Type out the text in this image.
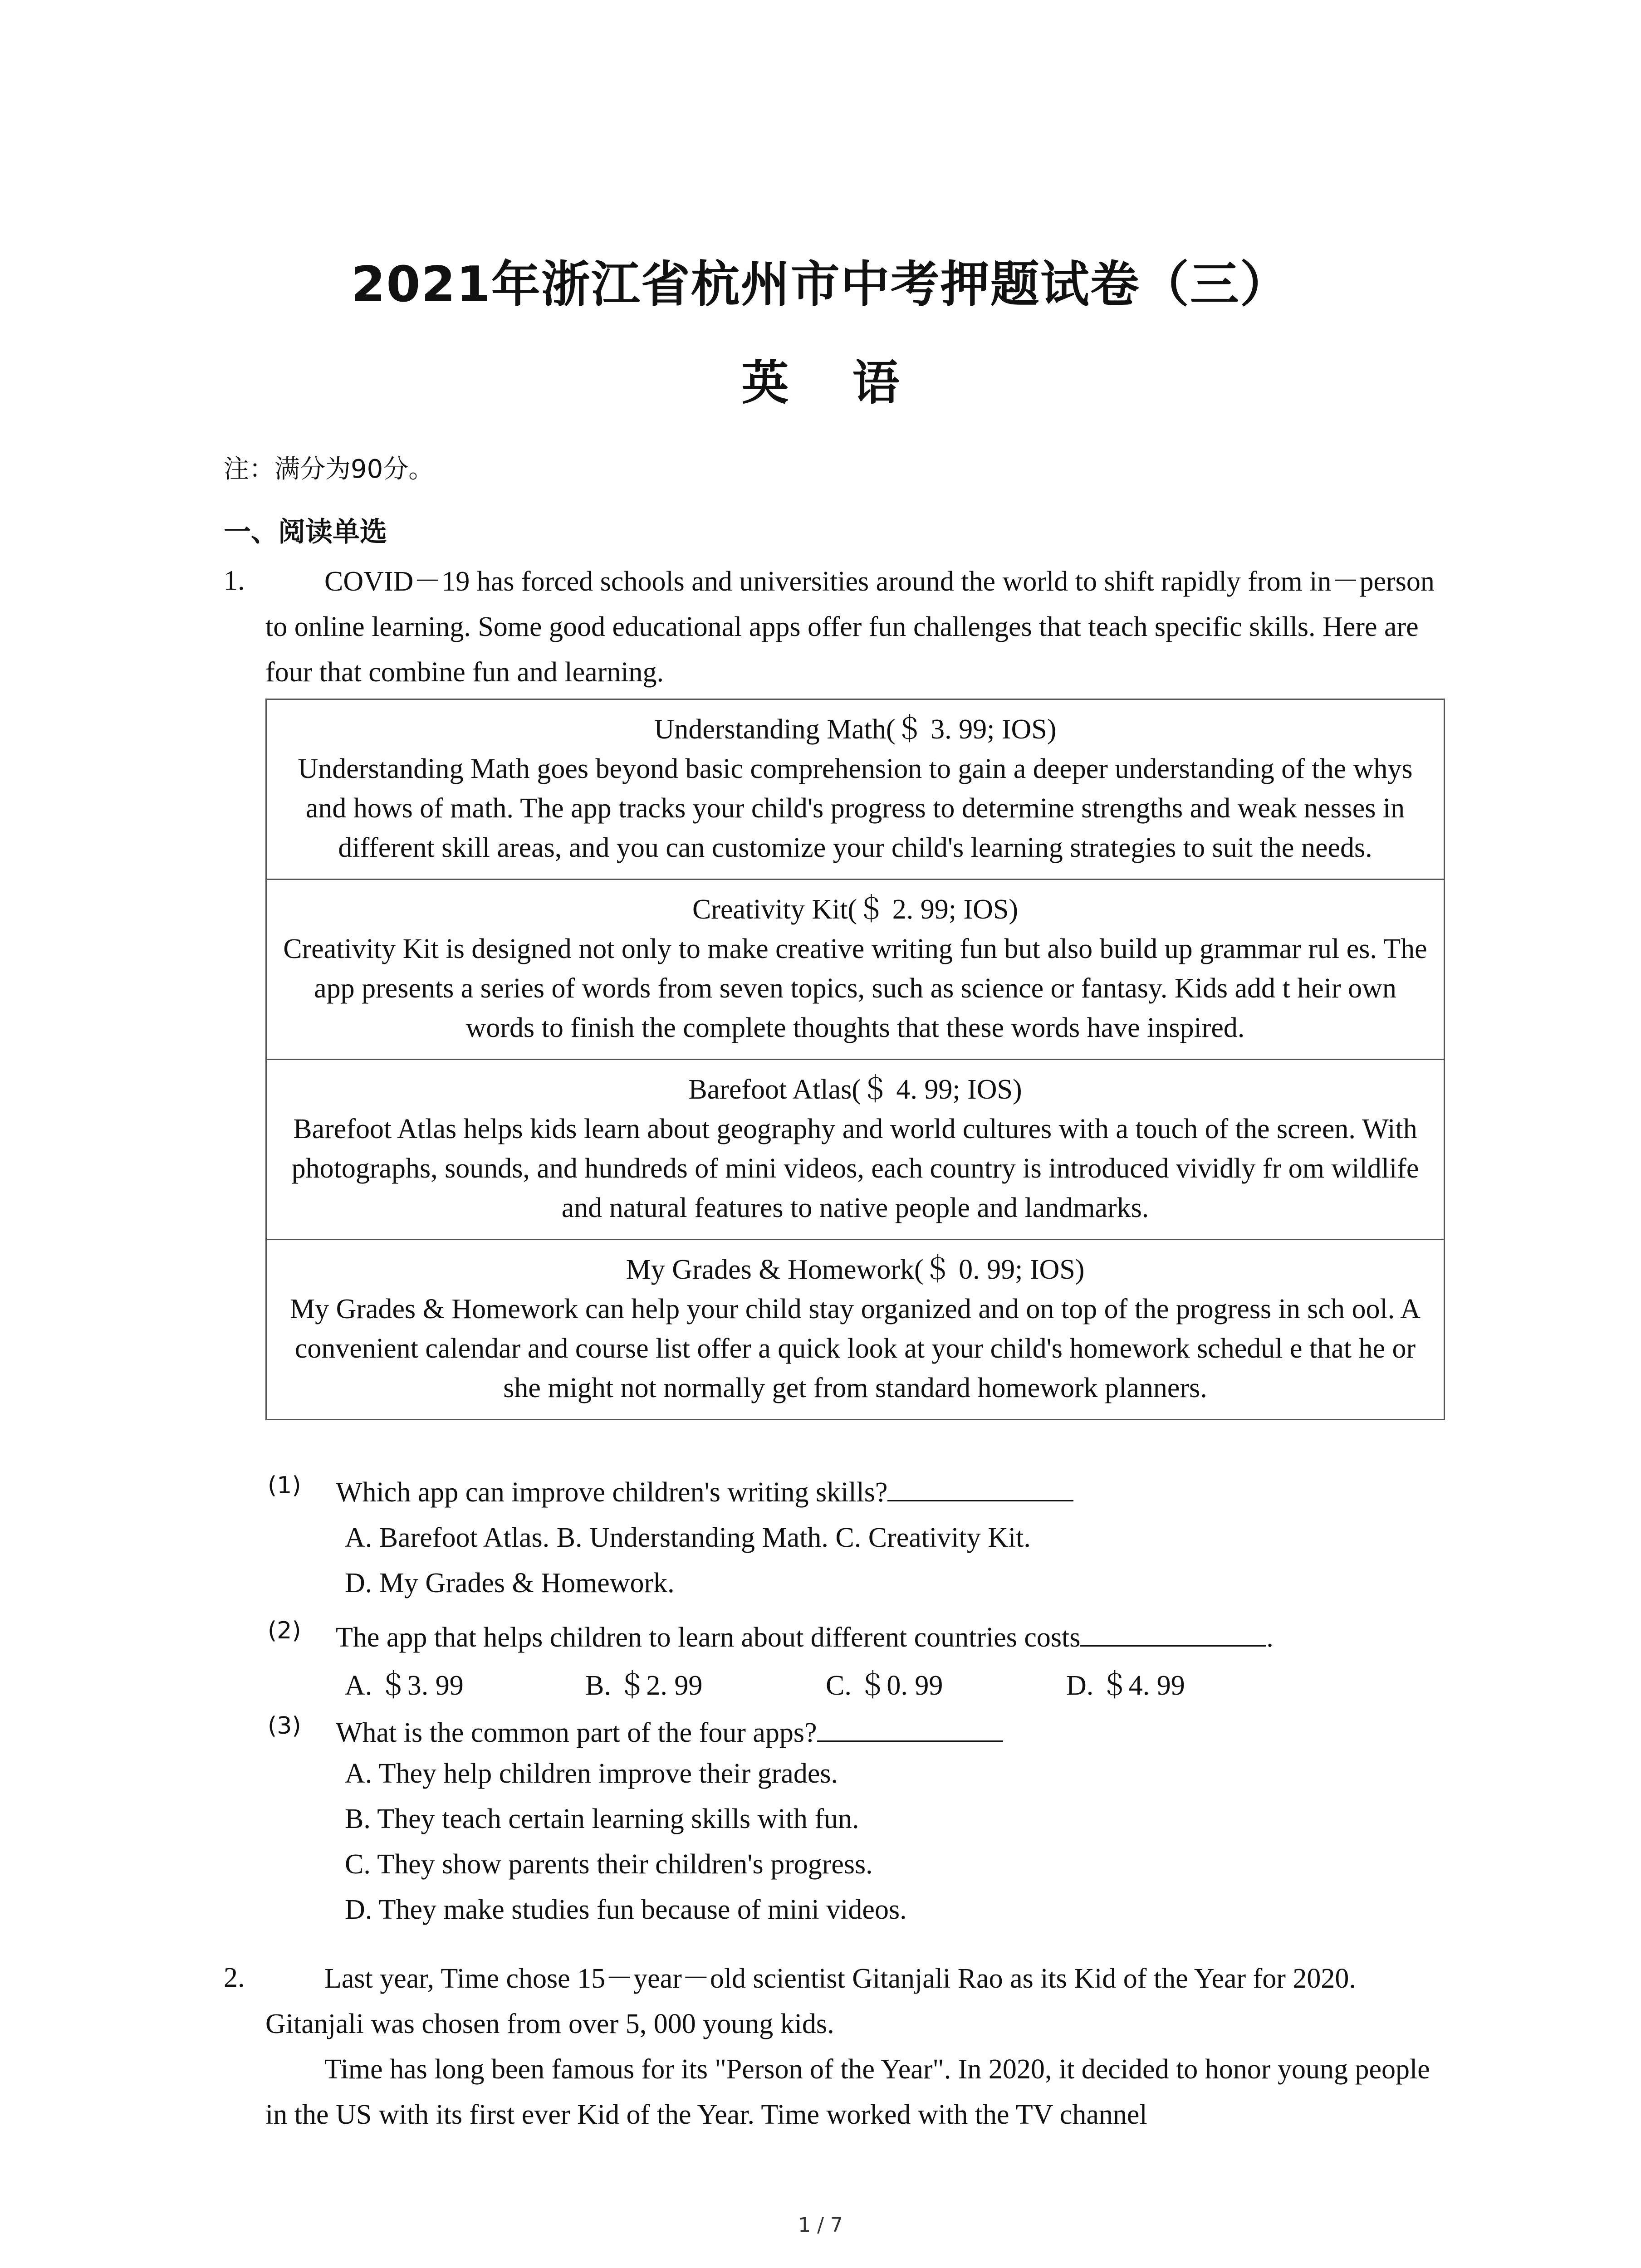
2021年浙江省杭州市中考押题试卷（三）
英 语
注：满分为90分。
一、阅读单选
1.	COVID－19 has forced schools and universities around the world to shift rapidly from in－person to online learning. Some good educational apps offer fun challenges that teach specific skills. Here are four that combine fun and learning.
Understanding Math(＄ 3. 99; IOS)
Understanding Math goes beyond basic comprehension to gain a deeper understanding of the whys and hows of math. The app tracks your child's progress to determine strengths and weak nesses in different skill areas, and you can customize your child's learning strategies to suit the needs.

Creativity Kit(＄ 2. 99; IOS)
Creativity Kit is designed not only to make creative writing fun but also build up grammar rul es. The app presents a series of words from seven topics, such as science or fantasy. Kids add t heir own words to finish the complete thoughts that these words have inspired.

Barefoot Atlas(＄ 4. 99; IOS)
Barefoot Atlas helps kids learn about geography and world cultures with a touch of the screen. With photographs, sounds, and hundreds of mini videos, each country is introduced vividly fr om wildlife and natural features to native people and landmarks.

My Grades & Homework(＄ 0. 99; IOS)
My Grades & Homework can help your child stay organized and on top of the progress in sch ool. A convenient calendar and course list offer a quick look at your child's homework schedul e that he or she might not normally get from standard homework planners.
(1) Which app can improve children's writing skills?
A. Barefoot Atlas. B. Understanding Math. C. Creativity Kit.
D. My Grades & Homework.
(2) The app that helps children to learn about different countries costs	.
A. ＄3. 99	B. ＄2. 99	C. ＄0. 99	D. ＄4. 99
(3) What is the common part of the four apps?
A. They help children improve their grades.
B. They teach certain learning skills with fun.
C. They show parents their children's progress.
D. They make studies fun because of mini videos.
2.	Last year, Time chose 15－year－old scientist Gitanjali Rao as its Kid of the Year for 2020. Gitanjali was chosen from over 5, 000 young kids.
Time has long been famous for its "Person of the Year". In 2020, it decided to honor young people in the US with its first ever Kid of the Year. Time worked with the TV channel
1 / 7
